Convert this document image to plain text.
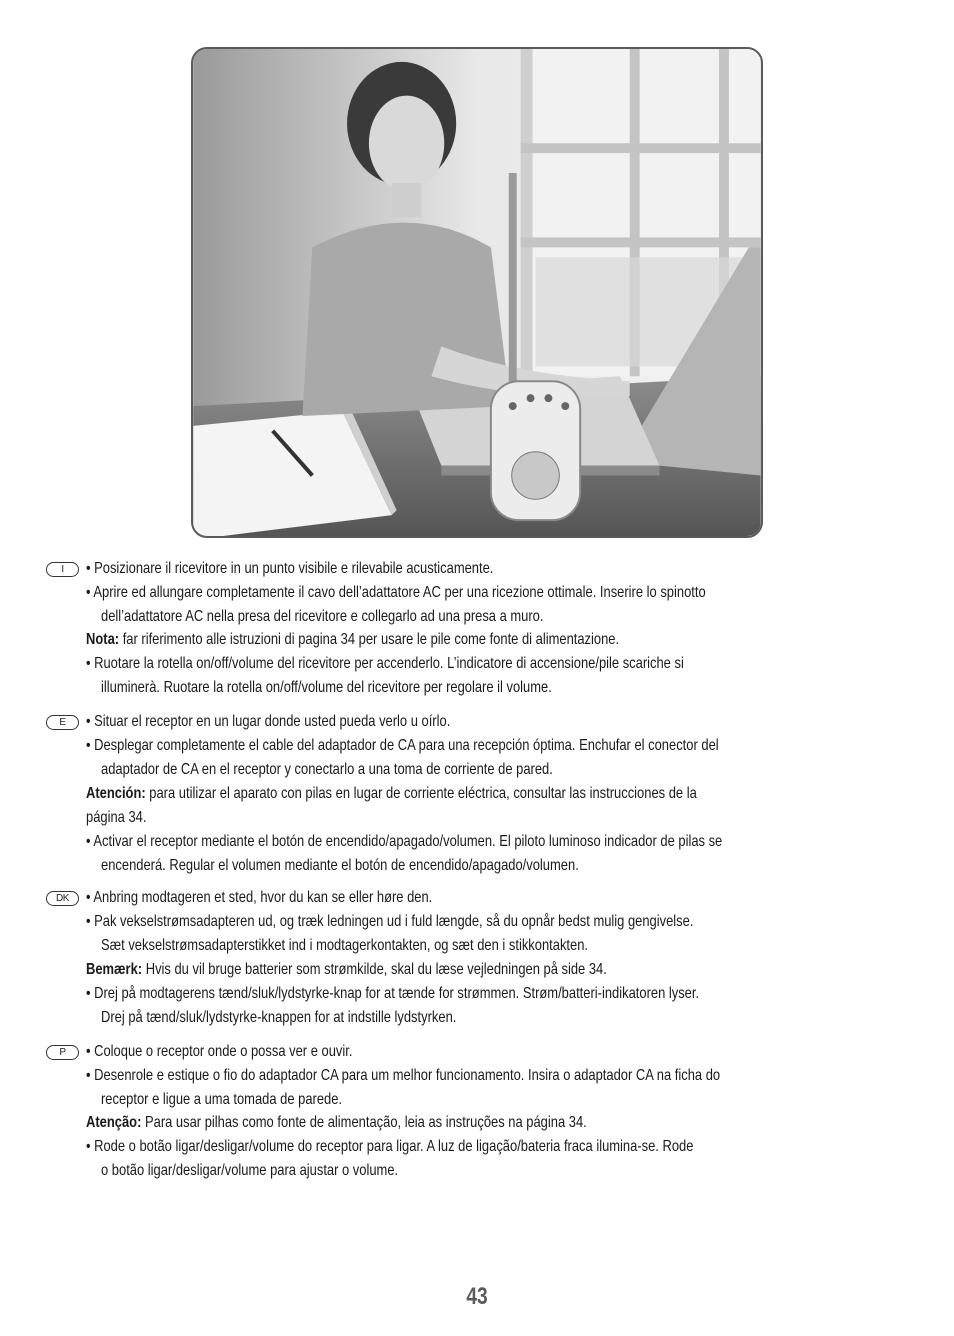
I	• Posizionare il ricevitore in un punto visibile e rilevabile acusticamente.
• Aprire ed allungare completamente il cavo dell’adattatore AC per una ricezione ottimale. Inserire lo spinotto
dell’adattatore AC nella presa del ricevitore e collegarlo ad una presa a muro.
Nota: far riferimento alle istruzioni di pagina 34 per usare le pile come fonte di alimentazione.
• Ruotare la rotella on/off/volume del ricevitore per accenderlo. L’indicatore di accensione/pile scariche si
illuminerà. Ruotare la rotella on/off/volume del ricevitore per regolare il volume.
E	• Situar el receptor en un lugar donde usted pueda verlo u oírlo.
• Desplegar completamente el cable del adaptador de CA para una recepción óptima. Enchufar el conector del
adaptador de CA en el receptor y conectarlo a una toma de corriente de pared.
Atención: para utilizar el aparato con pilas en lugar de corriente eléctrica, consultar las instrucciones de la
página 34.
• Activar el receptor mediante el botón de encendido/apagado/volumen. El piloto luminoso indicador de pilas se
encenderá. Regular el volumen mediante el botón de encendido/apagado/volumen.
DK	• Anbring modtageren et sted, hvor du kan se eller høre den.
• Pak vekselstrømsadapteren ud, og træk ledningen ud i fuld længde, så du opnår bedst mulig gengivelse.
Sæt vekselstrømsadapterstikket ind i modtagerkontakten, og sæt den i stikkontakten.
Bemærk: Hvis du vil bruge batterier som strømkilde, skal du læse vejledningen på side 34.
• Drej på modtagerens tænd/sluk/lydstyrke-knap for at tænde for strømmen. Strøm/batteri-indikatoren lyser.
Drej på tænd/sluk/lydstyrke-knappen for at indstille lydstyrken.
P	• Coloque o receptor onde o possa ver e ouvir.
• Desenrole e estique o fio do adaptador CA para um melhor funcionamento. Insira o adaptador CA na ficha do
receptor e ligue a uma tomada de parede.
Atenção: Para usar pilhas como fonte de alimentação, leia as instruções na página 34.
• Rode o botão ligar/desligar/volume do receptor para ligar. A luz de ligação/bateria fraca ilumina-se. Rode
o botão ligar/desligar/volume para ajustar o volume.
43
